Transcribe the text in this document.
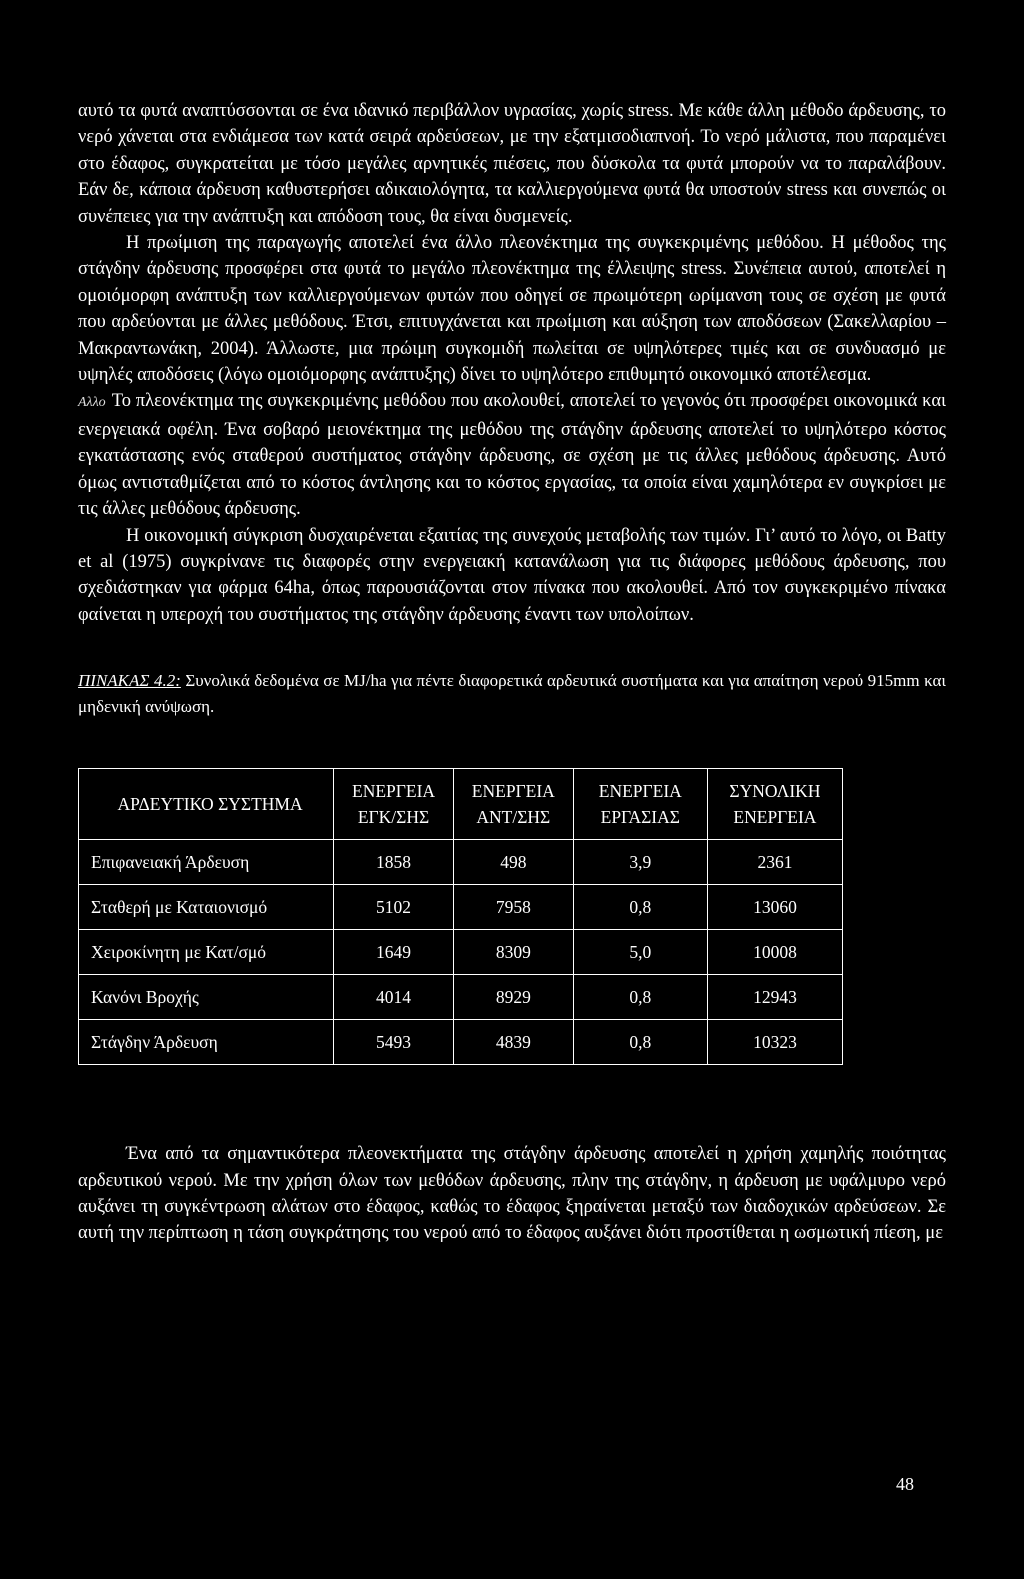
αυτό τα φυτά αναπτύσσονται σε ένα ιδανικό περιβάλλον υγρασίας, χωρίς stress. Με κάθε άλλη μέθοδο άρδευσης, το νερό χάνεται στα ενδιάμεσα των κατά σειρά αρδεύσεων, με την εξατμισοδιαπνοή. Το νερό μάλιστα, που παραμένει στο έδαφος, συγκρατείται με τόσο μεγάλες αρνητικές πιέσεις, που δύσκολα τα φυτά μπορούν να το παραλάβουν. Εάν δε, κάποια άρδευση καθυστερήσει αδικαιολόγητα, τα καλλιεργούμενα φυτά θα υποστούν stress και συνεπώς οι συνέπειες για την ανάπτυξη και απόδοση τους, θα είναι δυσμενείς.

Η πρωίμιση της παραγωγής αποτελεί ένα άλλο πλεονέκτημα της συγκεκριμένης μεθόδου. Η μέθοδος της στάγδην άρδευσης προσφέρει στα φυτά το μεγάλο πλεονέκτημα της έλλειψης stress. Συνέπεια αυτού, αποτελεί η ομοιόμορφη ανάπτυξη των καλλιεργούμενων φυτών που οδηγεί σε πρωιμότερη ωρίμανση τους σε σχέση με φυτά που αρδεύονται με άλλες μεθόδους. Έτσι, επιτυγχάνεται και πρωίμιση και αύξηση των αποδόσεων (Σακελλαρίου – Μακραντωνάκη, 2004). Άλλωστε, μια πρώιμη συγκομιδή πωλείται σε υψηλότερες τιμές και σε συνδυασμό με υψηλές αποδόσεις (λόγω ομοιόμορφης ανάπτυξης) δίνει το υψηλότερο επιθυμητό οικονομικό αποτέλεσμα.

Αλλο Το πλεονέκτημα της συγκεκριμένης μεθόδου που ακολουθεί, αποτελεί το γεγονός ότι προσφέρει οικονομικά και ενεργειακά οφέλη. Ένα σοβαρό μειονέκτημα της μεθόδου της στάγδην άρδευσης αποτελεί το υψηλότερο κόστος εγκατάστασης ενός σταθερού συστήματος στάγδην άρδευσης, σε σχέση με τις άλλες μεθόδους άρδευσης. Αυτό όμως αντισταθμίζεται από το κόστος άντλησης και το κόστος εργασίας, τα οποία είναι χαμηλότερα εν συγκρίσει με τις άλλες μεθόδους άρδευσης.

Η οικονομική σύγκριση δυσχαιρένεται εξαιτίας της συνεχούς μεταβολής των τιμών. Γι’ αυτό το λόγο, οι Batty et al (1975) συγκρίνανε τις διαφορές στην ενεργειακή κατανάλωση για τις διάφορες μεθόδους άρδευσης, που σχεδιάστηκαν για φάρμα 64ha, όπως παρουσιάζονται στον πίνακα που ακολουθεί. Από τον συγκεκριμένο πίνακα φαίνεται η υπεροχή του συστήματος της στάγδην άρδευσης έναντι των υπολοίπων.

ΠΙΝΑΚΑΣ 4.2: Συνολικά δεδομένα σε MJ/ha για πέντε διαφορετικά αρδευτικά συστήματα και για απαίτηση νερού 915mm και μηδενική ανύψωση.

ΑΡΔΕΥΤΙΚΟ ΣΥΣΤΗΜΑ	ΕΝΕΡΓΕΙΑ ΕΓΚ/ΣΗΣ	ΕΝΕΡΓΕΙΑ ΑΝΤ/ΣΗΣ	ΕΝΕΡΓΕΙΑ ΕΡΓΑΣΙΑΣ	ΣΥΝΟΛΙΚΗ ΕΝΕΡΓΕΙΑ
Επιφανειακή Άρδευση	1858	498	3,9	2361
Σταθερή με Καταιονισμό	5102	7958	0,8	13060
Χειροκίνητη με Κατ/σμό	1649	8309	5,0	10008
Κανόνι Βροχής	4014	8929	0,8	12943
Στάγδην Άρδευση	5493	4839	0,8	10323

Ένα από τα σημαντικότερα πλεονεκτήματα της στάγδην άρδευσης αποτελεί η χρήση χαμηλής ποιότητας αρδευτικού νερού. Με την χρήση όλων των μεθόδων άρδευσης, πλην της στάγδην, η άρδευση με υφάλμυρο νερό αυξάνει τη συγκέντρωση αλάτων στο έδαφος, καθώς το έδαφος ξηραίνεται μεταξύ των διαδοχικών αρδεύσεων. Σε αυτή την περίπτωση η τάση συγκράτησης του νερού από το έδαφος αυξάνει διότι προστίθεται η ωσμωτική πίεση, με

48
